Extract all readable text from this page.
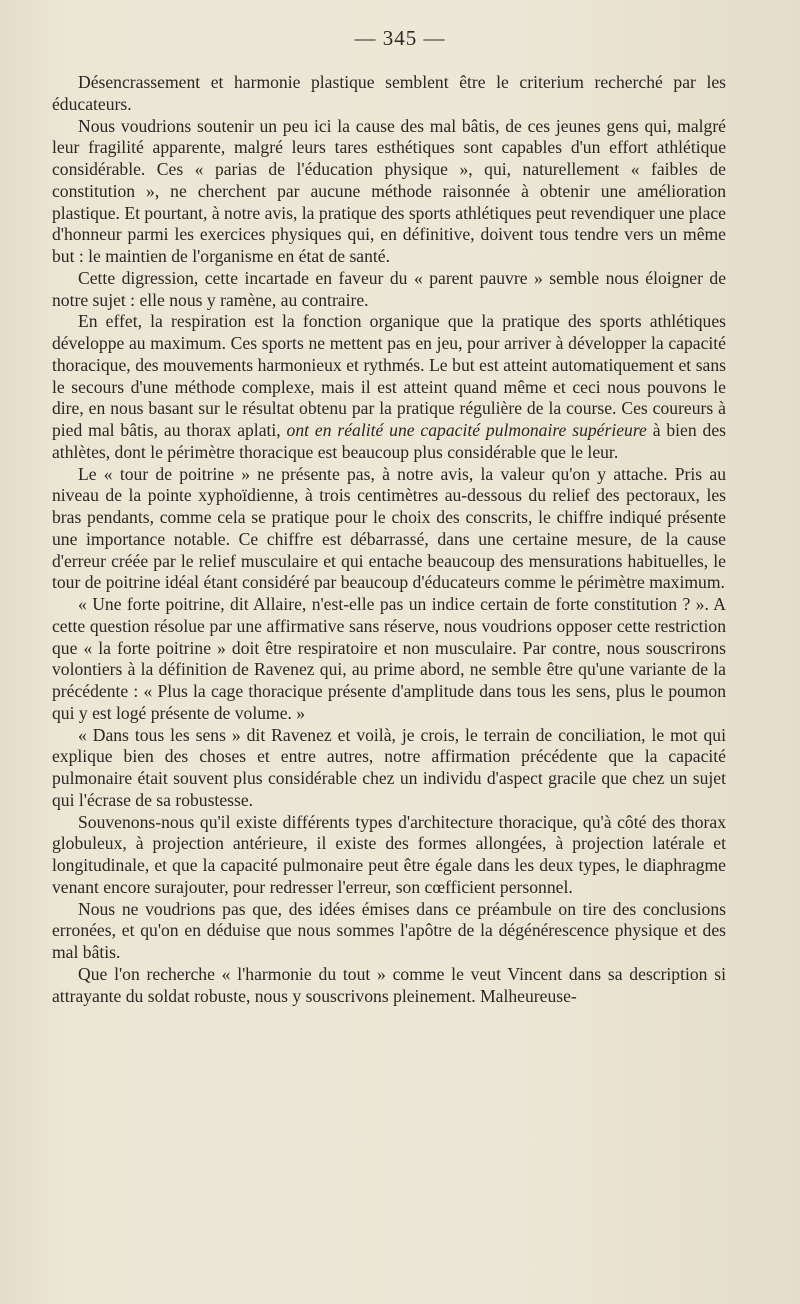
— 345 —

Désencrassement et harmonie plastique semblent être le criterium recherché par les éducateurs.

Nous voudrions soutenir un peu ici la cause des mal bâtis, de ces jeunes gens qui, malgré leur fragilité apparente, malgré leurs tares esthétiques sont capables d'un effort athlétique considérable. Ces « parias de l'éducation physique », qui, naturellement « faibles de constitution », ne cherchent par aucune méthode raisonnée à obtenir une amélioration plastique. Et pourtant, à notre avis, la pratique des sports athlétiques peut revendiquer une place d'honneur parmi les exercices physiques qui, en définitive, doivent tous tendre vers un même but : le maintien de l'organisme en état de santé.

Cette digression, cette incartade en faveur du « parent pauvre » semble nous éloigner de notre sujet : elle nous y ramène, au contraire.

En effet, la respiration est la fonction organique que la pratique des sports athlétiques développe au maximum. Ces sports ne mettent pas en jeu, pour arriver à développer la capacité thoracique, des mouvements harmonieux et rythmés. Le but est atteint automatiquement et sans le secours d'une méthode complexe, mais il est atteint quand même et ceci nous pouvons le dire, en nous basant sur le résultat obtenu par la pratique régulière de la course. Ces coureurs à pied mal bâtis, au thorax aplati, ont en réalité une capacité pulmonaire supérieure à bien des athlètes, dont le périmètre thoracique est beaucoup plus considérable que le leur.

Le « tour de poitrine » ne présente pas, à notre avis, la valeur qu'on y attache. Pris au niveau de la pointe xyphoïdienne, à trois centimètres au-dessous du relief des pectoraux, les bras pendants, comme cela se pratique pour le choix des conscrits, le chiffre indiqué présente une importance notable. Ce chiffre est débarrassé, dans une certaine mesure, de la cause d'erreur créée par le relief musculaire et qui entache beaucoup des mensurations habituelles, le tour de poitrine idéal étant considéré par beaucoup d'éducateurs comme le périmètre maximum.

« Une forte poitrine, dit Allaire, n'est-elle pas un indice certain de forte constitution ? ». A cette question résolue par une affirmative sans réserve, nous voudrions opposer cette restriction que « la forte poitrine » doit être respiratoire et non musculaire. Par contre, nous souscrirons volontiers à la définition de Ravenez qui, au prime abord, ne semble être qu'une variante de la précédente : « Plus la cage thoracique présente d'amplitude dans tous les sens, plus le poumon qui y est logé présente de volume. »

« Dans tous les sens » dit Ravenez et voilà, je crois, le terrain de conciliation, le mot qui explique bien des choses et entre autres, notre affirmation précédente que la capacité pulmonaire était souvent plus considérable chez un individu d'aspect gracile que chez un sujet qui l'écrase de sa robustesse.

Souvenons-nous qu'il existe différents types d'architecture thoracique, qu'à côté des thorax globuleux, à projection antérieure, il existe des formes allongées, à projection latérale et longitudinale, et que la capacité pulmonaire peut être égale dans les deux types, le diaphragme venant encore surajouter, pour redresser l'erreur, son cœfficient personnel.

Nous ne voudrions pas que, des idées émises dans ce préambule on tire des conclusions erronées, et qu'on en déduise que nous sommes l'apôtre de la dégénérescence physique et des mal bâtis.

Que l'on recherche « l'harmonie du tout » comme le veut Vincent dans sa description si attrayante du soldat robuste, nous y souscrivons pleinement. Malheureuse-
